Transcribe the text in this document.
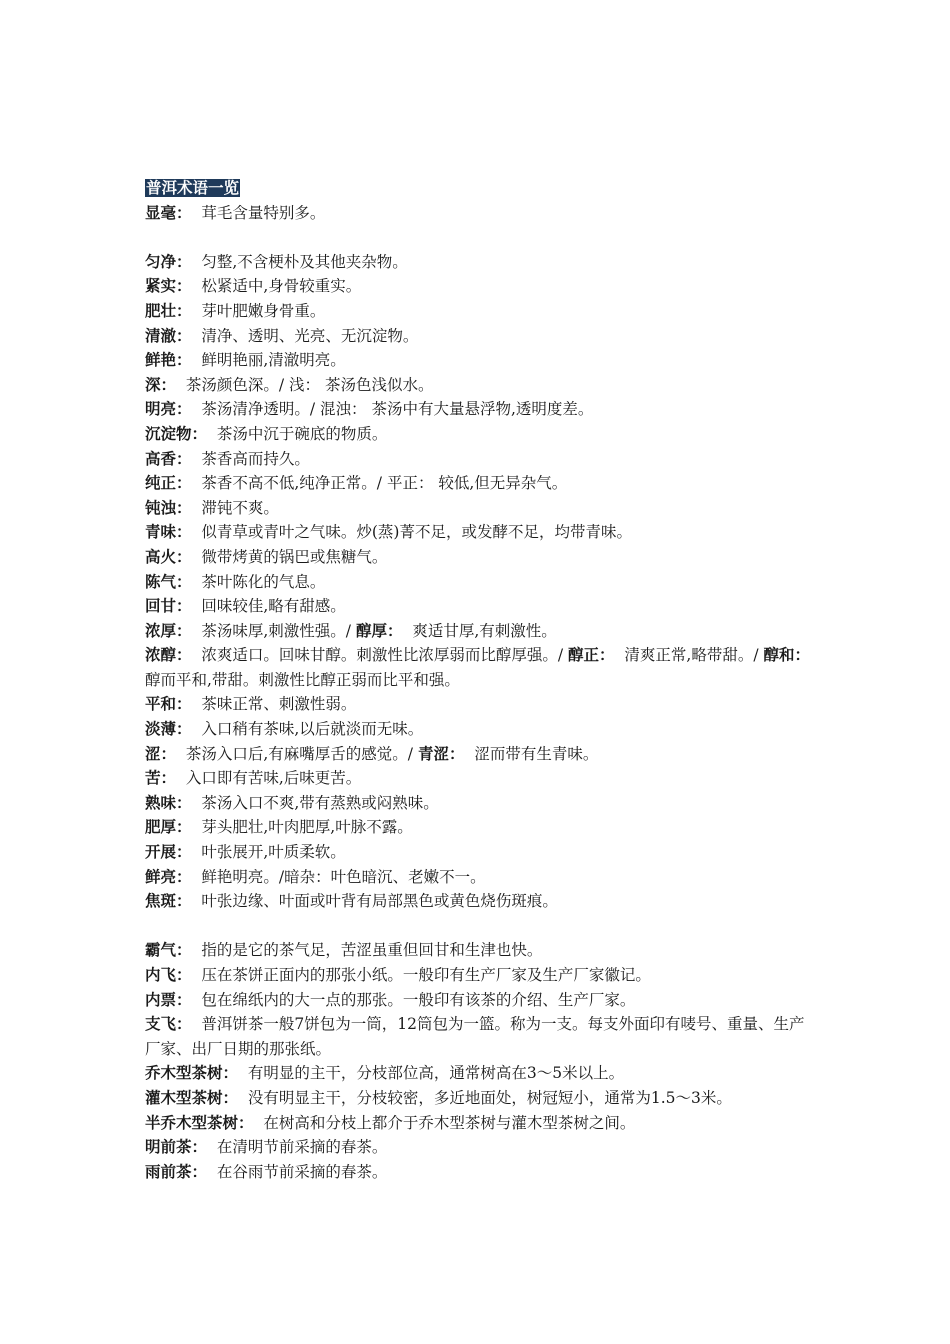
普洱术语一览

显毫： 茸毛含量特别多。

匀净： 匀整,不含梗朴及其他夹杂物。

紧实： 松紧适中,身骨较重实。

肥壮： 芽叶肥嫩身骨重。

清澈： 清净、透明、光亮、无沉淀物。

鲜艳： 鲜明艳丽,清澈明亮。

深： 茶汤颜色深。/ 浅： 茶汤色浅似水。

明亮： 茶汤清净透明。/ 混浊： 茶汤中有大量悬浮物,透明度差。

沉淀物： 茶汤中沉于碗底的物质。

高香： 茶香高而持久。

纯正： 茶香不高不低,纯净正常。/ 平正： 较低,但无异杂气。

钝浊： 滞钝不爽。

青味： 似青草或青叶之气味。炒(蒸)菁不足，或发酵不足，均带青味。

高火： 微带烤黄的锅巴或焦糖气。

陈气： 茶叶陈化的气息。

回甘： 回味较佳,略有甜感。

浓厚： 茶汤味厚,刺激性强。/ 醇厚： 爽适甘厚,有刺激性。

浓醇： 浓爽适口。回味甘醇。刺激性比浓厚弱而比醇厚强。/ 醇正： 清爽正常,略带甜。/ 醇和：  醇而平和,带甜。刺激性比醇正弱而比平和强。

平和： 茶味正常、刺激性弱。

淡薄： 入口稍有茶味,以后就淡而无味。

涩： 茶汤入口后,有麻嘴厚舌的感觉。/ 青涩： 涩而带有生青味。

苦： 入口即有苦味,后味更苦。

熟味： 茶汤入口不爽,带有蒸熟或闷熟味。

肥厚： 芽头肥壮,叶肉肥厚,叶脉不露。

开展： 叶张展开,叶质柔软。

鲜亮： 鲜艳明亮。/暗杂：叶色暗沉、老嫩不一。

焦斑： 叶张边缘、叶面或叶背有局部黑色或黄色烧伤斑痕。

霸气： 指的是它的茶气足，苦涩虽重但回甘和生津也快。

内飞： 压在茶饼正面内的那张小纸。一般印有生产厂家及生产厂家徽记。

内票： 包在绵纸内的大一点的那张。一般印有该茶的介绍、生产厂家。

支飞： 普洱饼茶一般7饼包为一筒，12筒包为一篮。称为一支。每支外面印有唛号、重量、生产厂家、出厂日期的那张纸。

乔木型茶树： 有明显的主干，分枝部位高，通常树高在3～5米以上。

灌木型茶树： 没有明显主干，分枝较密，多近地面处，树冠短小，通常为1.5～3米。

半乔木型茶树： 在树高和分枝上都介于乔木型茶树与灌木型茶树之间。

明前茶： 在清明节前采摘的春茶。

雨前茶： 在谷雨节前采摘的春茶。
